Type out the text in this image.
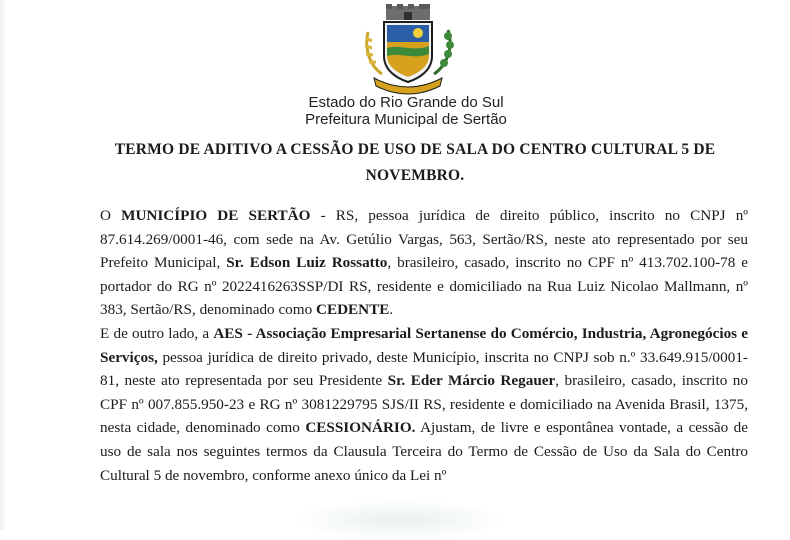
Estado do Rio Grande do Sul
Prefeitura Municipal de Sertão
TERMO DE ADITIVO A CESSÃO DE USO DE SALA DO CENTRO CULTURAL 5 DE
NOVEMBRO.

O MUNICÍPIO DE SERTÃO - RS, pessoa jurídica de direito público, inscrito no CNPJ nº 87.614.269/0001-46, com sede na Av. Getúlio Vargas, 563, Sertão/RS, neste ato representado por seu Prefeito Municipal, Sr. Edson Luiz Rossatto, brasileiro, casado, inscrito no CPF nº 413.702.100-78 e portador do RG nº 2022416263SSP/DI RS, residente e domiciliado na Rua Luiz Nicolao Mallmann, nº 383, Sertão/RS, denominado como CEDENTE.

E de outro lado, a AES - Associação Empresarial Sertanense do Comércio, Industria, Agronegócios e Serviços, pessoa jurídica de direito privado, deste Município, inscrita no CNPJ sob n.º 33.649.915/0001-81, neste ato representada por seu Presidente Sr. Eder Márcio Regauer, brasileiro, casado, inscrito no CPF nº 007.855.950-23 e RG nº 3081229795 SJS/II RS, residente e domiciliado na Avenida Brasil, 1375, nesta cidade, denominado como CESSIONÁRIO. Ajustam, de livre e espontânea vontade, a cessão de uso de sala nos seguintes termos da Clausula Terceira do Termo de Cessão de Uso da Sala do Centro Cultural 5 de novembro, conforme anexo único da Lei nº
